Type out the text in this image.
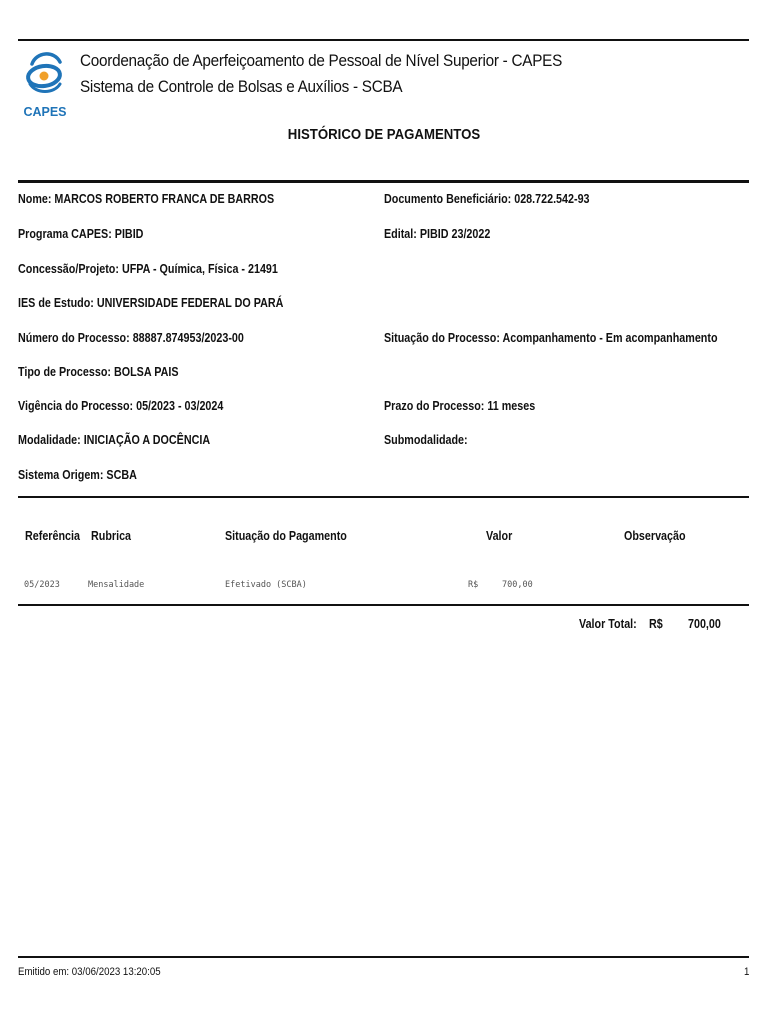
CAPES
Coordenação de Aperfeiçoamento de Pessoal de Nível Superior - CAPES
Sistema de Controle de Bolsas e Auxílios - SCBA
HISTÓRICO DE PAGAMENTOS
Nome: MARCOS ROBERTO FRANCA DE BARROS	Documento Beneficiário: 028.722.542-93
Programa CAPES: PIBID	Edital: PIBID 23/2022
Concessão/Projeto: UFPA - Química, Física - 21491
IES de Estudo: UNIVERSIDADE FEDERAL DO PARÁ
Número do Processo: 88887.874953/2023-00	Situação do Processo: Acompanhamento - Em acompanhamento
Tipo de Processo: BOLSA PAIS
Vigência do Processo: 05/2023 - 03/2024	Prazo do Processo: 11 meses
Modalidade: INICIAÇÃO A DOCÊNCIA	Submodalidade:
Sistema Origem: SCBA
Referência Rubrica	Situação do Pagamento	Valor	Observação
05/2023	Mensalidade	Efetivado (SCBA)	R$	700,00
Valor Total: R$ 700,00
Emitido em: 03/06/2023 13:20:05	1
